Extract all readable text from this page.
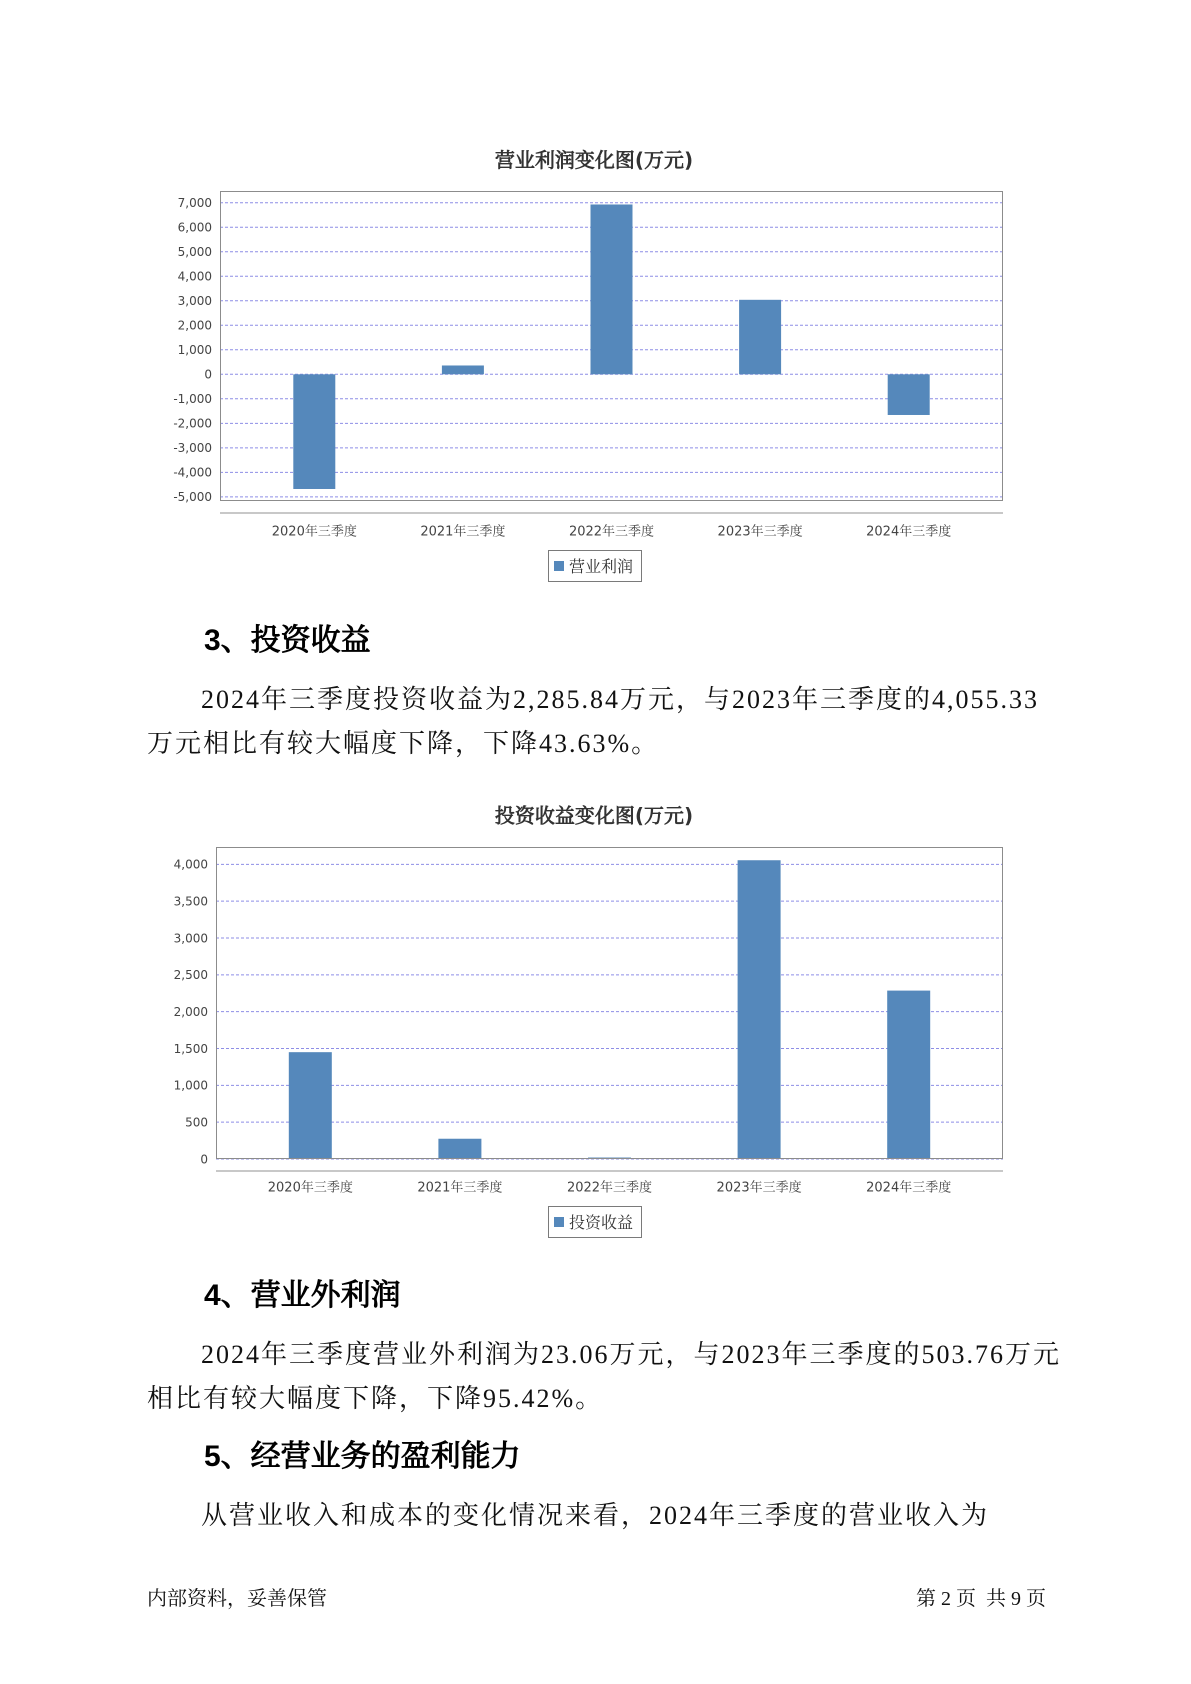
营业利润变化图(万元)
7,000
6,000
5,000
4,000
3,000
2,000
1,000
0
-1,000
-2,000
-3,000
-4,000
-5,000
2020年三季度	2021年三季度	2022年三季度	2023年三季度	2024年三季度
营业利润
3、投资收益
2024年三季度投资收益为2,285.84万元，与2023年三季度的4,055.33
万元相比有较大幅度下降，下降43.63%。
投资收益变化图(万元)
4,000
3,500
3,000
2,500
2,000
1,500
1,000
500
0
2020年三季度	2021年三季度	2022年三季度	2023年三季度	2024年三季度
投资收益
4、营业外利润
2024年三季度营业外利润为23.06万元，与2023年三季度的503.76万元
相比有较大幅度下降，下降95.42%。
5、经营业务的盈利能力
从营业收入和成本的变化情况来看，2024年三季度的营业收入为
内部资料，妥善保管	第 2 页  共 9 页
